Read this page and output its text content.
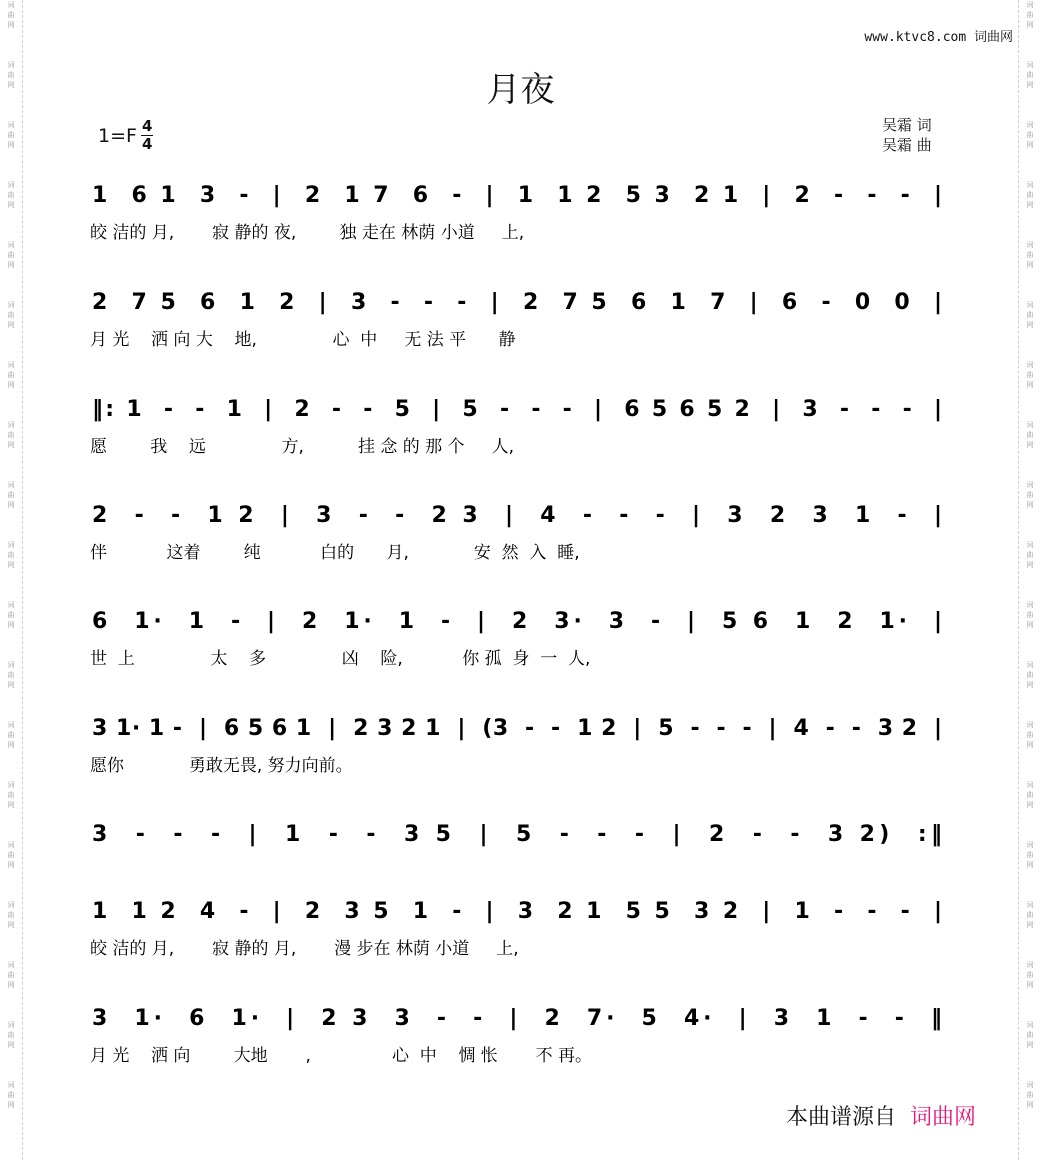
词
曲
网
词
曲
网
词
曲
网
词
曲
网
词
曲
网
词
曲
网
词
曲
网
词
曲
网
词
曲
网
词
曲
网
词
曲
网
词
曲
网
词
曲
网
词
曲
网
词
曲
网
词
曲
网
词
曲
网
词
曲
网
词
曲
网
词
曲
网
词
曲
网
词
曲
网
词
曲
网
词
曲
网
词
曲
网
词
曲
网
词
曲
网
词
曲
网
词
曲
网
词
曲
网
词
曲
网
词
曲
网
词
曲
网
词
曲
网
词
曲
网
词
曲
网
词
曲
网
词
曲
网
www.ktvc8.com 词曲网
月夜
$1=F \frac{4}{4}$	吴霜 词
吴霜 曲
1  6 1  3  -  |  2  1 7  6  -  |  1  1 2  5 3  2 1  |  2  -  -  -  |
皎 洁的 月,       寂 静的 夜,        独 走在 林荫 小道     上,
2  7 5  6  1  2  |  3  -  -  -  |  2  7 5  6  1  7  |  6  -  0  0  |
月 光    洒 向 大    地,              心  中     无 法 平      静
‖: 1  -  -  1  |  2  -  -  5  |  5  -  -  -  |  6 5 6 5 2  |  3  -  -  -  |
愿        我    远              方,          挂 念 的 那 个     人,
2  -  -  1 2  |  3  -  -  2 3  |  4  -  -  -  |  3  2  3  1  -  |
伴           这着        纯           白的      月,            安  然  入  睡,
6  1·  1  -  |  2  1·  1  -  |  2  3·  3  -  |  5 6  1  2  1·  |
世  上              太    多              凶    险,           你 孤  身  一  人,
3 1· 1 -  |  6 5 6 1  |  2 3 2 1  |  (3  -  -  1 2  |  5  -  -  -  |  4  -  -  3 2  |
愿你            勇敢无畏, 努力向前。
3  -  -  -  |  1  -  -  3 5  |  5  -  -  -  |  2  -  -  3 2)  :‖
1  1 2  4  -  |  2  3 5  1  -  |  3  2 1  5 5  3 2  |  1  -  -  -  |
皎 洁的 月,       寂 静的 月,       漫 步在 林荫 小道     上,
3  1·  6  1·  |  2 3  3  -  -  |  2  7·  5  4·  |  3  1  -  -  ‖
月 光    洒 向        大地       ,               心  中    惆 怅       不 再。
本曲谱源自 词曲网
